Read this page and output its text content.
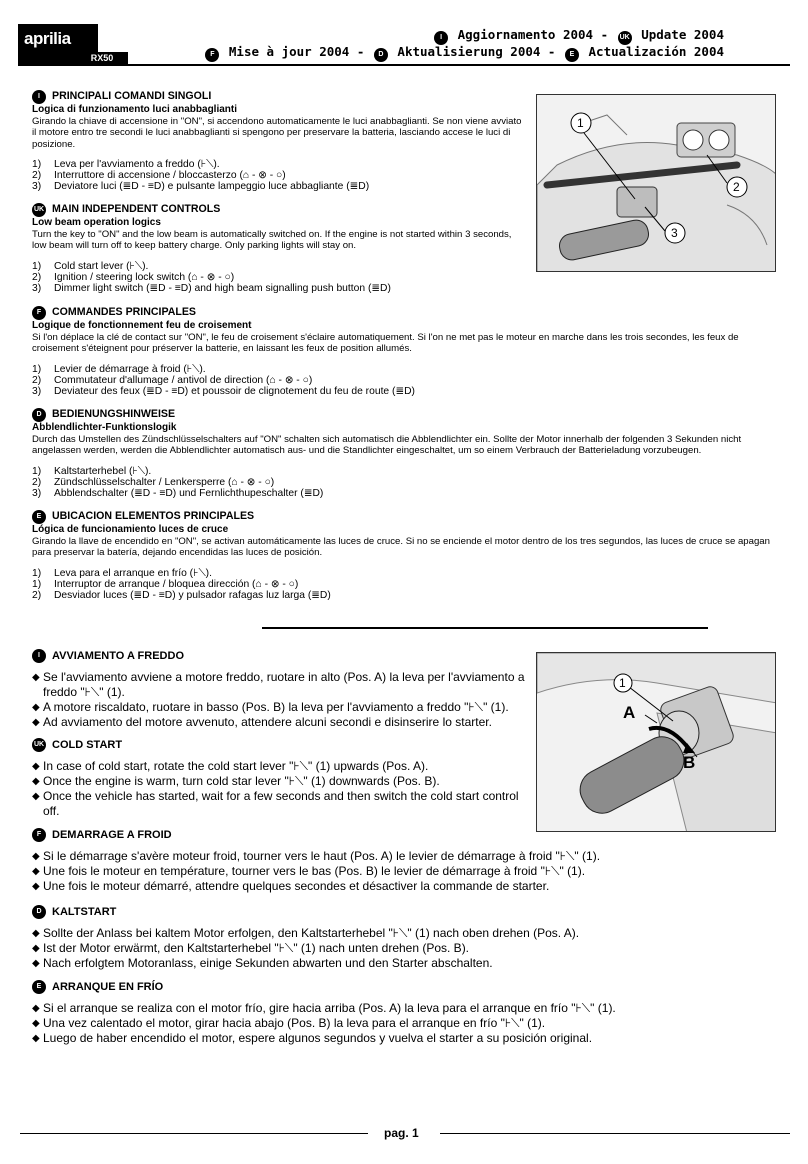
aprilia
RX50
I Aggiornamento 2004 - UK Update 2004
F Mise à jour 2004 - D Aktualisierung 2004 - E Actualización 2004
1
2
3
I	PRINCIPALI COMANDI SINGOLI
Logica di funzionamento luci anabbaglianti
Girando la chiave di accensione in "ON", si accendono automaticamente le luci anabbaglianti. Se non viene avviato il motore entro tre secondi le luci anabbaglianti si spengono per preservare la batteria, lasciando accese le luci di posizione.
1)	Leva per l'avviamento a freddo (⊦⟍).
2)	Interruttore di accensione / bloccasterzo (⌂ - ⊗ - ○)
3)	Deviatore luci (≣D - ≡D) e pulsante lampeggio luce abbagliante (≣D)
UK MAIN INDEPENDENT CONTROLS
Low beam operation logics
Turn the key to "ON" and the low beam is automatically switched on. If the engine is not started within 3 seconds, low beam will turn off to keep battery charge. Only parking lights will stay on.
1)	Cold start lever (⊦⟍).
2)	Ignition / steering lock switch (⌂ - ⊗ - ○)
3)	Dimmer light switch (≣D - ≡D) and high beam signalling push button (≣D)
F	COMMANDES PRINCIPALES
Logique de fonctionnement feu de croisement
Si l'on déplace la clé de contact sur "ON", le feu de croisement s'éclaire automatiquement. Si l'on ne met pas le moteur en marche dans les trois secondes, les feux de croisement s'éteignent pour préserver la batterie, en laissant les feux de position allumés.
1)	Levier de démarrage à froid (⊦⟍).
2)	Commutateur d'allumage / antivol de direction (⌂ - ⊗ - ○)
3)	Deviateur des feux (≣D - ≡D) et poussoir de clignotement du feu de route (≣D)
D BEDIENUNGSHINWEISE
Abblendlichter-Funktionslogik
Durch das Umstellen des Zündschlüsselschalters auf "ON" schalten sich automatisch die Abblendlichter ein. Sollte der Motor innerhalb der folgenden 3 Sekunden nicht angelassen werden, werden die Abblendlichter automatisch aus- und die Standlichter eingeschaltet, um so einem Verbrauch der Batterieladung vorzubeugen.
1)	Kaltstarterhebel (⊦⟍).
2)	Zündschlüsselschalter / Lenkersperre (⌂ - ⊗ - ○)
3)	Abblendschalter (≣D - ≡D) und Fernlichthupeschalter (≣D)
E	UBICACION ELEMENTOS PRINCIPALES
Lógica de funcionamiento luces de cruce
Girando la llave de encendido en "ON", se activan automáticamente las luces de cruce. Si no se enciende el motor dentro de los tres segundos, las luces de cruce se apagan para preservar la batería, dejando encendidas las luces de posición.
1)	Leva para el arranque en frío (⊦⟍).
1)	Interruptor de arranque / bloquea dirección (⌂ - ⊗ - ○)
2)	Desviador luces (≣D - ≡D) y pulsador rafagas luz larga (≣D)
1
A
B
I	AVVIAMENTO A FREDDO
◆ Se l'avviamento avviene a motore freddo, ruotare in alto (Pos. A) la leva per l'avviamento a freddo "⊦⟍" (1).
◆ A motore riscaldato, ruotare in basso (Pos. B) la leva per l'avviamento a freddo "⊦⟍" (1).
◆ Ad avviamento del motore avvenuto, attendere alcuni secondi e disinserire lo starter.
UK COLD START
◆ In case of cold start, rotate the cold start lever "⊦⟍" (1) upwards (Pos. A).
◆ Once the engine is warm, turn cold star lever "⊦⟍" (1) downwards (Pos. B).
◆ Once the vehicle has started, wait for a few seconds and then switch the cold start control off.
F DEMARRAGE A FROID
◆ Si le démarrage s'avère moteur froid, tourner vers le haut (Pos. A) le levier de démarrage à froid "⊦⟍" (1).
◆ Une fois le moteur en température, tourner vers le bas (Pos. B) le levier de démarrage à froid "⊦⟍" (1).
◆ Une fois le moteur démarré, attendre quelques secondes et désactiver la commande de starter.
D KALTSTART
◆ Sollte der Anlass bei kaltem Motor erfolgen, den Kaltstarterhebel "⊦⟍" (1) nach oben drehen (Pos. A).
◆ Ist der Motor erwärmt, den Kaltstarterhebel "⊦⟍" (1) nach unten drehen (Pos. B).
◆ Nach erfolgtem Motoranlass, einige Sekunden abwarten und den Starter abschalten.
E ARRANQUE EN FRÍO
◆ Si el arranque se realiza con el motor frío, gire hacia arriba (Pos. A) la leva para el arranque en frío "⊦⟍" (1).
◆ Una vez calentado el motor, girar hacia abajo (Pos. B) la leva para el arranque en frío "⊦⟍" (1).
◆ Luego de haber encendido el motor, espere algunos segundos y vuelva el starter a su posición original.
pag. 1
